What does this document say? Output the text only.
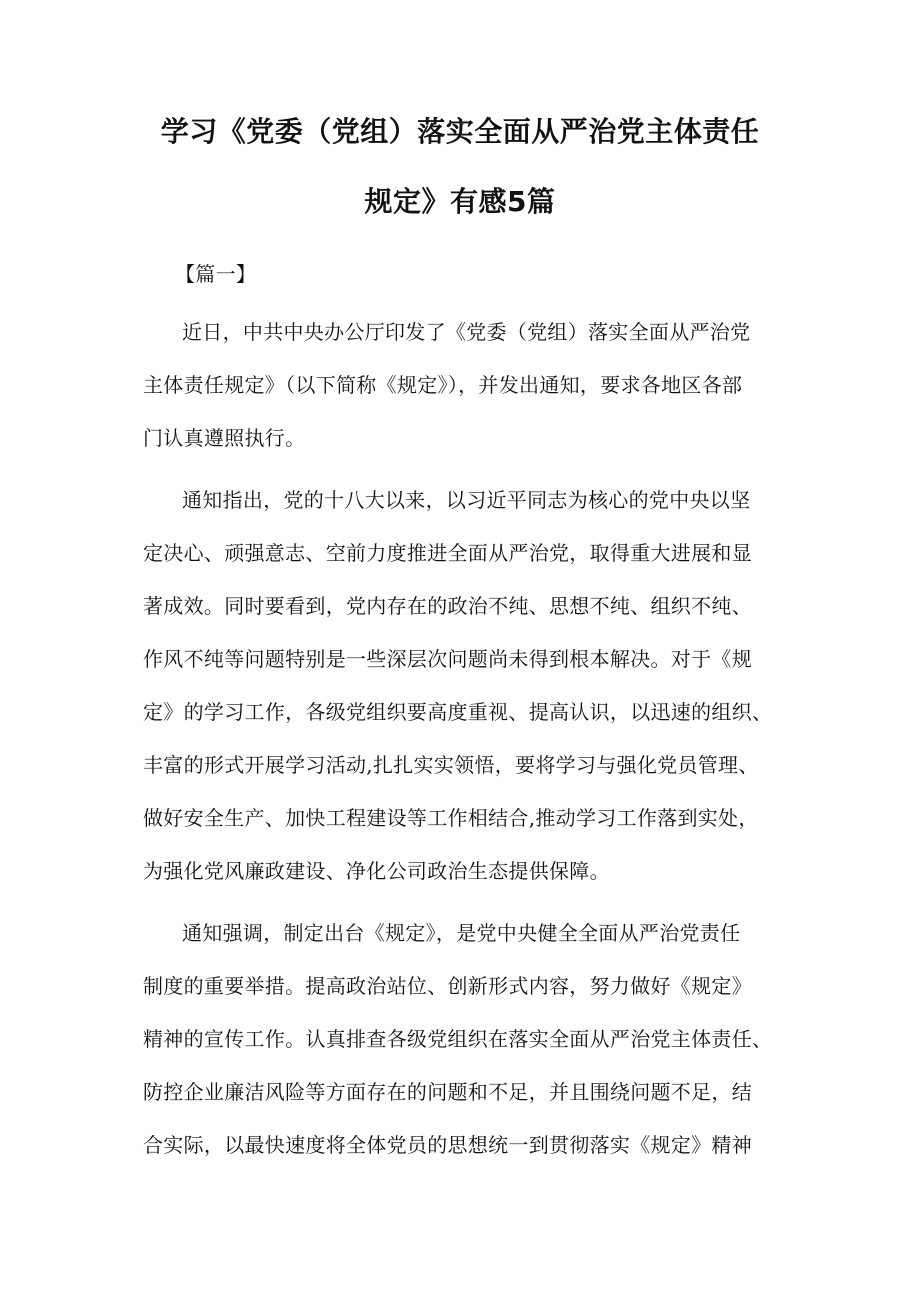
学习《党委（党组）落实全面从严治党主体责任
规定》有感5篇
【篇一】
近日，中共中央办公厅印发了《党委（党组）落实全面从严治党
主体责任规定》（以下简称《规定》），并发出通知，要求各地区各部
门认真遵照执行。
通知指出，党的十八大以来，以习近平同志为核心的党中央以坚
定决心、顽强意志、空前力度推进全面从严治党，取得重大进展和显
著成效。同时要看到，党内存在的政治不纯、思想不纯、组织不纯、
作风不纯等问题特别是一些深层次问题尚未得到根本解决。对于《规
定》的学习工作，各级党组织要高度重视、提高认识，以迅速的组织、
丰富的形式开展学习活动,扎扎实实领悟，要将学习与强化党员管理、
做好安全生产、加快工程建设等工作相结合,推动学习工作落到实处，
为强化党风廉政建设、净化公司政治生态提供保障。
通知强调，制定出台《规定》，是党中央健全全面从严治党责任
制度的重要举措。提高政治站位、创新形式内容，努力做好《规定》
精神的宣传工作。认真排查各级党组织在落实全面从严治党主体责任、
防控企业廉洁风险等方面存在的问题和不足，并且围绕问题不足，结
合实际，以最快速度将全体党员的思想统一到贯彻落实《规定》精神
